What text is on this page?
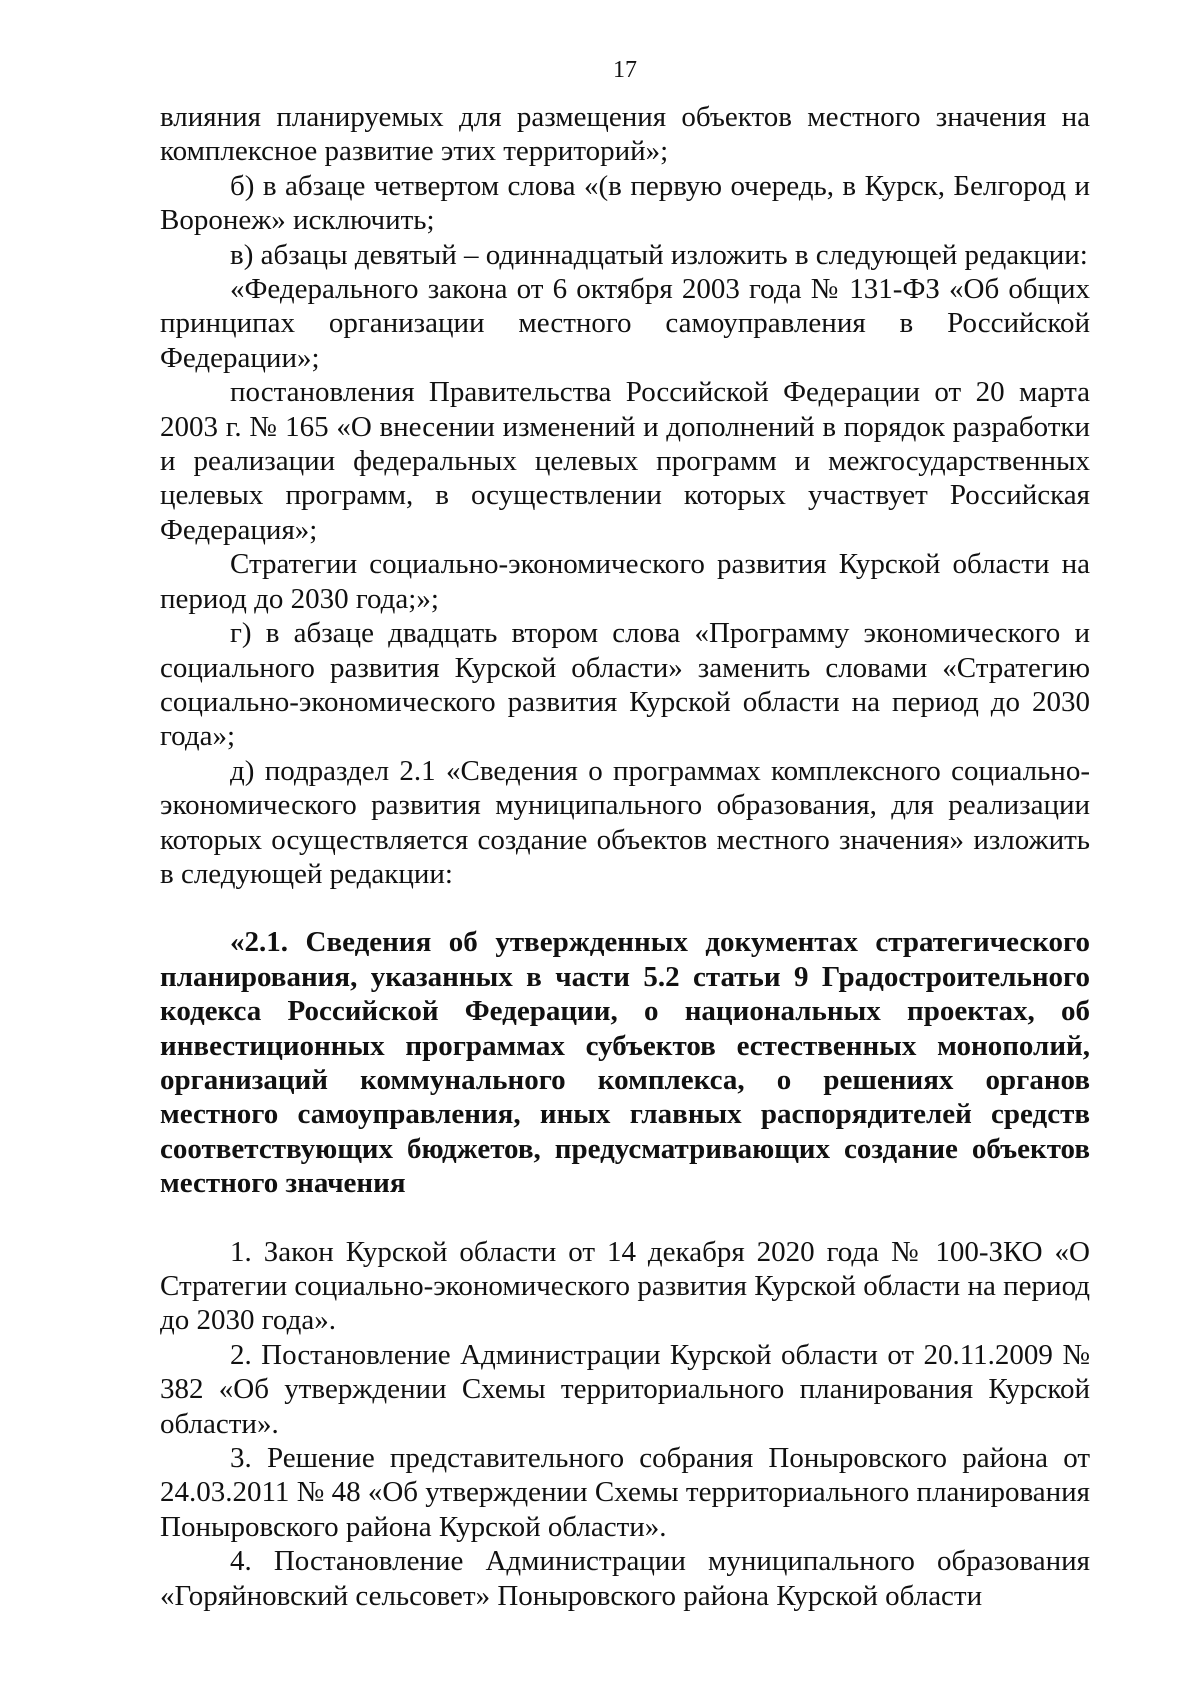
17

влияния планируемых для размещения объектов местного значения на комплексное развитие этих территорий»;

б) в абзаце четвертом слова «(в первую очередь, в Курск, Белгород и Воронеж» исключить;

в) абзацы девятый – одиннадцатый изложить в следующей редакции:

«Федерального закона от 6 октября 2003 года № 131-ФЗ «Об общих принципах организации местного самоуправления в Российской Федерации»;

постановления Правительства Российской Федерации от 20 марта 2003 г. № 165 «О внесении изменений и дополнений в порядок разработки и реализации федеральных целевых программ и межгосударственных целевых программ, в осуществлении которых участвует Российская Федерация»;

Стратегии социально-экономического развития Курской области на период до 2030 года;»;

г) в абзаце двадцать втором слова «Программу экономического и социального развития Курской области» заменить словами «Стратегию социально-экономического развития Курской области на период до 2030 года»;

д) подраздел 2.1 «Сведения о программах комплексного социально-экономического развития муниципального образования, для реализации которых осуществляется создание объектов местного значения» изложить в следующей редакции:

«2.1. Сведения об утвержденных документах стратегического планирования, указанных в части 5.2 статьи 9 Градостроительного кодекса Российской Федерации, о национальных проектах, об инвестиционных программах субъектов естественных монополий, организаций коммунального комплекса, о решениях органов местного самоуправления, иных главных распорядителей средств соответствующих бюджетов, предусматривающих создание объектов местного значения

1. Закон Курской области от 14 декабря 2020 года № 100-ЗКО «О Стратегии социально-экономического развития Курской области на период до 2030 года».

2. Постановление Администрации Курской области от 20.11.2009 № 382 «Об утверждении Схемы территориального планирования Курской области».

3. Решение представительного собрания Поныровского района от 24.03.2011 № 48 «Об утверждении Схемы территориального планирования Поныровского района Курской области».

4. Постановление Администрации муниципального образования «Горяйновский сельсовет» Поныровского района Курской области
